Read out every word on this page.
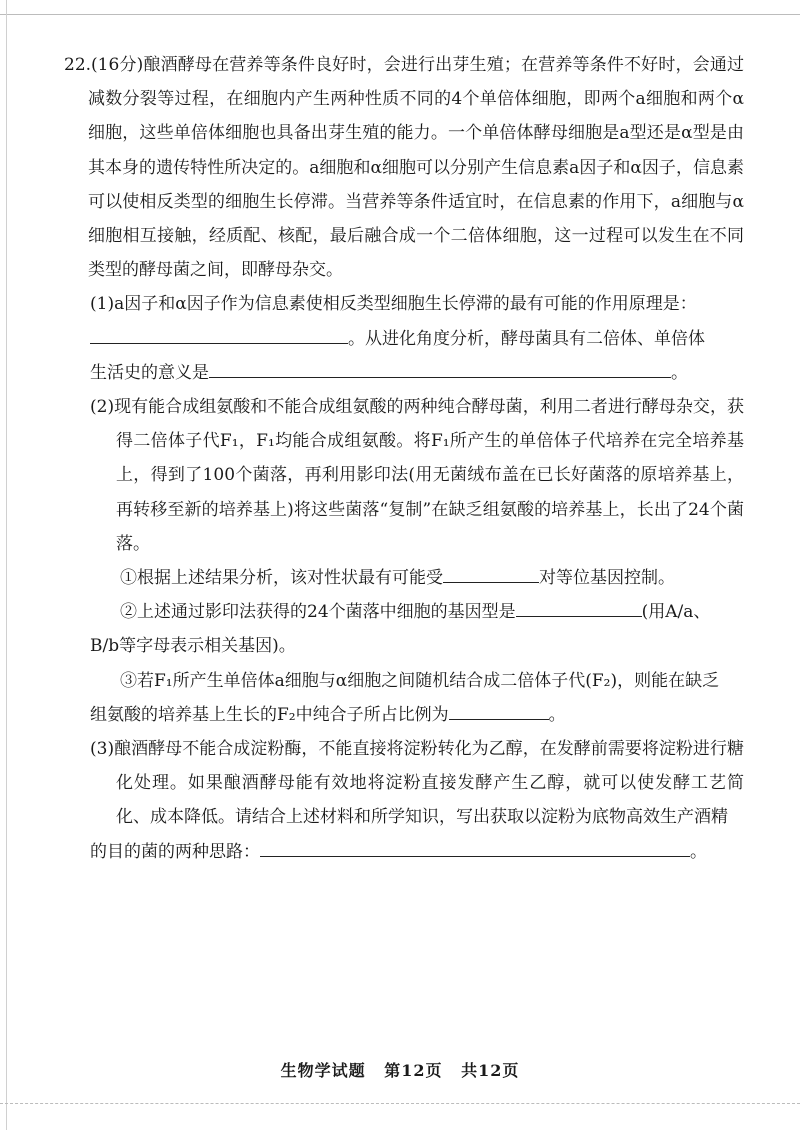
22.(16分)酿酒酵母在营养等条件良好时，会进行出芽生殖；在营养等条件不好时，会通过减数分裂等过程，在细胞内产生两种性质不同的4个单倍体细胞，即两个a细胞和两个α细胞，这些单倍体细胞也具备出芽生殖的能力。一个单倍体酵母细胞是a型还是α型是由其本身的遗传特性所决定的。a细胞和α细胞可以分别产生信息素a因子和α因子，信息素可以使相反类型的细胞生长停滞。当营养等条件适宜时，在信息素的作用下，a细胞与α细胞相互接触，经质配、核配，最后融合成一个二倍体细胞，这一过程可以发生在不同类型的酵母菌之间，即酵母杂交。

(1)a因子和α因子作为信息素使相反类型细胞生长停滞的最有可能的作用原理是：

。从进化角度分析，酵母菌具有二倍体、单倍体

生活史的意义是	。

(2)现有能合成组氨酸和不能合成组氨酸的两种纯合酵母菌，利用二者进行酵母杂交，获得二倍体子代F₁，F₁均能合成组氨酸。将F₁所产生的单倍体子代培养在完全培养基上，得到了100个菌落，再利用影印法(用无菌绒布盖在已长好菌落的原培养基上，再转移至新的培养基上)将这些菌落“复制”在缺乏组氨酸的培养基上，长出了24个菌落。

①根据上述结果分析，该对性状最有可能受	对等位基因控制。

②上述通过影印法获得的24个菌落中细胞的基因型是	(用A/a、

B/b等字母表示相关基因)。

③若F₁所产生单倍体a细胞与α细胞之间随机结合成二倍体子代(F₂)，则能在缺乏

组氨酸的培养基上生长的F₂中纯合子所占比例为	。

(3)酿酒酵母不能合成淀粉酶，不能直接将淀粉转化为乙醇，在发酵前需要将淀粉进行糖化处理。如果酿酒酵母能有效地将淀粉直接发酵产生乙醇，就可以使发酵工艺简化、成本降低。请结合上述材料和所学知识，写出获取以淀粉为底物高效生产酒精

的目的菌的两种思路：	。

生物学试题 第12页 共12页
